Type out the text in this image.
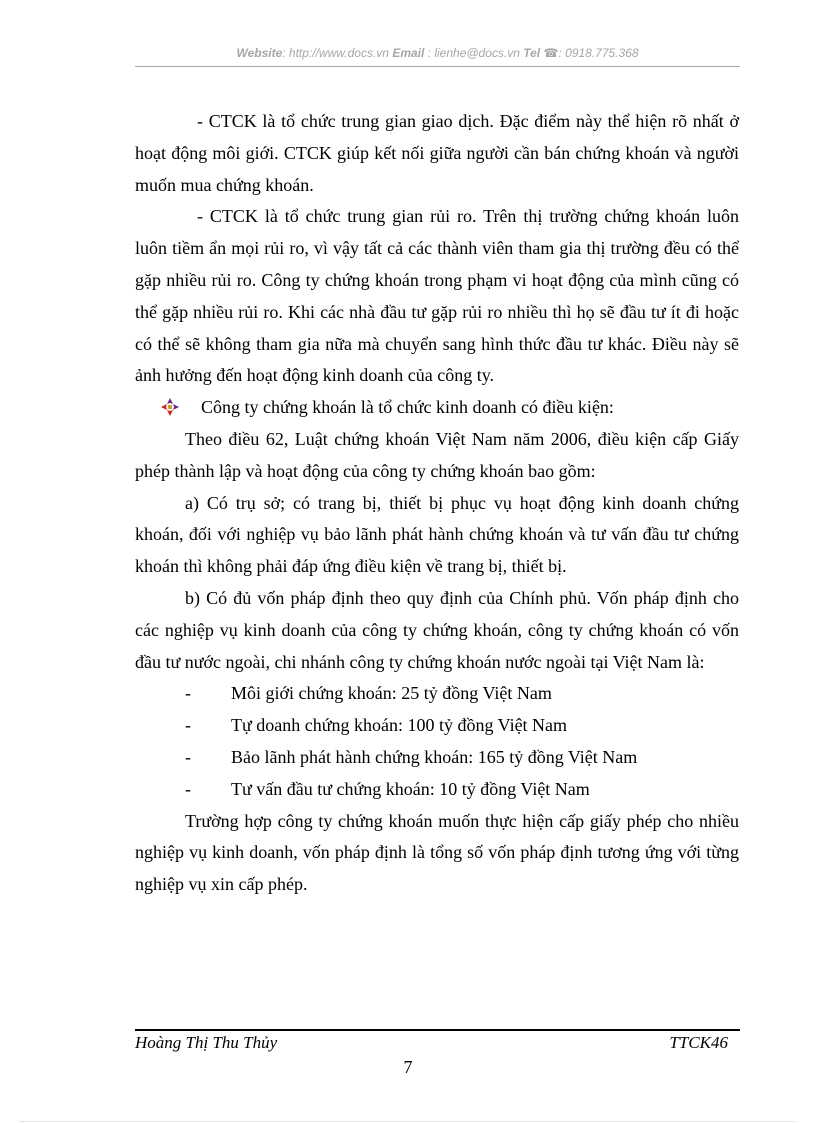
Website: http://www.docs.vn Email : lienhe@docs.vn Tel ☎: 0918.775.368

- CTCK là tổ chức trung gian giao dịch. Đặc điểm này thể hiện rõ nhất ở hoạt động môi giới. CTCK giúp kết nối giữa người cần bán chứng khoán và người muốn mua chứng khoán.

- CTCK là tổ chức trung gian rủi ro. Trên thị trường chứng khoán luôn luôn tiềm ẩn mọi rủi ro, vì vậy tất cả các thành viên tham gia thị trường đều có thể gặp nhiều rủi ro. Công ty chứng khoán trong phạm vi hoạt động của mình cũng có thể gặp nhiều rủi ro. Khi các nhà đầu tư gặp rủi ro nhiều thì họ sẽ đầu tư ít đi hoặc có thể sẽ không tham gia nữa mà chuyển sang hình thức đầu tư khác. Điều này sẽ ảnh hưởng đến hoạt động kinh doanh của công ty.

Công ty chứng khoán là tổ chức kinh doanh có điều kiện:

Theo điều 62, Luật chứng khoán Việt Nam năm 2006, điều kiện cấp Giấy phép thành lập và hoạt động của công ty chứng khoán bao gồm:

a) Có trụ sở; có trang bị, thiết bị phục vụ hoạt động kinh doanh chứng khoán, đối với nghiệp vụ bảo lãnh phát hành chứng khoán và tư vấn đầu tư chứng khoán thì không phải đáp ứng điều kiện về trang bị, thiết bị.

b) Có đủ vốn pháp định theo quy định của Chính phủ. Vốn pháp định cho các nghiệp vụ kinh doanh của công ty chứng khoán, công ty chứng khoán có vốn đầu tư nước ngoài, chi nhánh công ty chứng khoán nước ngoài tại Việt Nam là:

-	Môi giới chứng khoán: 25 tỷ đồng Việt Nam
-	Tự doanh chứng khoán: 100 tỷ đồng Việt Nam
-	Bảo lãnh phát hành chứng khoán: 165 tỷ đồng Việt Nam
-	Tư vấn đầu tư chứng khoán: 10 tỷ đồng Việt Nam

Trường hợp công ty chứng khoán muốn thực hiện cấp giấy phép cho nhiều nghiệp vụ kinh doanh, vốn pháp định là tổng số vốn pháp định tương ứng với từng nghiệp vụ xin cấp phép.

Hoàng Thị Thu Thủy	TTCK46
7
